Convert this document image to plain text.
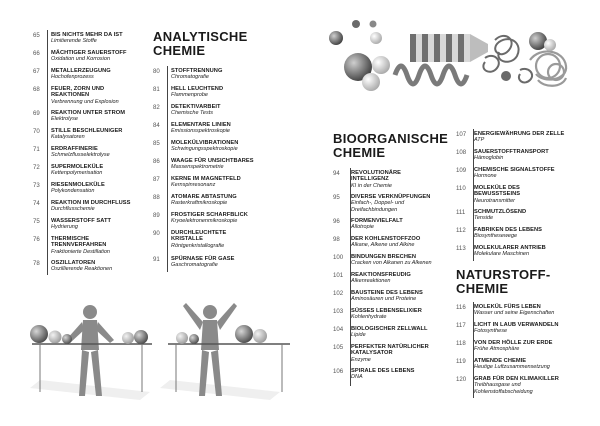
65	BIS NICHTS MEHR DA IST
Limitierende Stoffe
66	MÄCHTIGER SAUERSTOFF
Oxidation und Korrosion
67	METALLERZEUGUNG
Hochofenprozess
68	FEUER, ZORN UND REAKTIONEN
Verbrennung und Explosion
69	REAKTION UNTER STROM
Elektrolyse
70	STILLE BESCHLEUNIGER
Katalysatoren
71	ERDRAFFINERIE
Schmelzflusselektrolyse
72	SUPERMOLEKÜLE
Kettenpolymerisation
73	RIESENMOLEKÜLE
Polykondensation
74	REAKTION IM DURCHFLUSS
Durchflusschemie
75	WASSERSTOFF SATT
Hydrierung
76	THERMISCHE TRENNVERFAHREN
Fraktionierte Destillation
78	OSZILLATOREN
Oszillierende Reaktionen
ANALYTISCHE
CHEMIE
80	STOFFTRENNUNG
Chromatografie
81	HELL LEUCHTEND
Flammenprobe
82	DETEKTIVARBEIT
Chemische Tests
84	ELEMENTARE LINIEN
Emissionsspektroskopie
85	MOLEKÜLVIBRATIONEN
Schwingungsspektroskopie
86	WAAGE FÜR UNSICHTBARES
Massenspektrometrie
87	KERNE IM MAGNETFELD
Kernspinresonanz
88	ATOMARE ABTASTUNG
Rasterkraftmikroskopie
89	FROSTIGER SCHARFBLICK
Kryoelektronenmikroskopie
90	DURCHLEUCHTETE KRISTALLE
Röntgenkristallografie
91	SPÜRNASE FÜR GASE
Gaschromatografie
BIOORGANISCHE
CHEMIE
94	REVOLUTIONÄRE INTELLIGENZ
KI in der Chemie
95	DIVERSE VERKNÜPFUNGEN
Einfach-, Doppel- und Dreifachbindungen
96	FORMENVIELFALT
Allotropie
98	DER KOHLENSTOFFZOO
Alkane, Alkene und Alkine
100	BINDUNGEN BRECHEN
Cracken von Alkanen zu Alkenen
101	REAKTIONSFREUDIG
Alkenreaktionen
102	BAUSTEINE DES LEBENS
Aminosäuren und Proteine
103	SÜSSES LEBENSELIXIER
Kohlenhydrate
104	BIOLOGISCHER ZELLWALL
Lipide
105	PERFEKTER NATÜRLICHER KATALYSATOR
Enzyme
106	SPIRALE DES LEBENS
DNA
107	ENERGIEWÄHRUNG DER ZELLE
ATP
108	SAUERSTOFFTRANSPORT
Hämoglobin
109	CHEMISCHE SIGNALSTOFFE
Hormone
110	MOLEKÜLE DES BEWUSSTSEINS
Neurotransmitter
111	SCHMUTZLÖSEND
Tenside
112	FABRIKEN DES LEBENS
Biosynthesewege
113	MOLEKULARER ANTRIEB
Molekulare Maschinen
NATURSTOFF-
CHEMIE
116	MOLEKÜL FÜRS LEBEN
Wasser und seine Eigenschaften
117	LICHT IN LAUB VERWANDELN
Fotosynthese
118	VON DER HÖLLE ZUR ERDE
Frühe Atmosphäre
119	ATMENDE CHEMIE
Heutige Luftzusammensetzung
120	GRAB FÜR DEN KLIMAKILLER
Treibhausgase und Kohlenstoffabscheidung
